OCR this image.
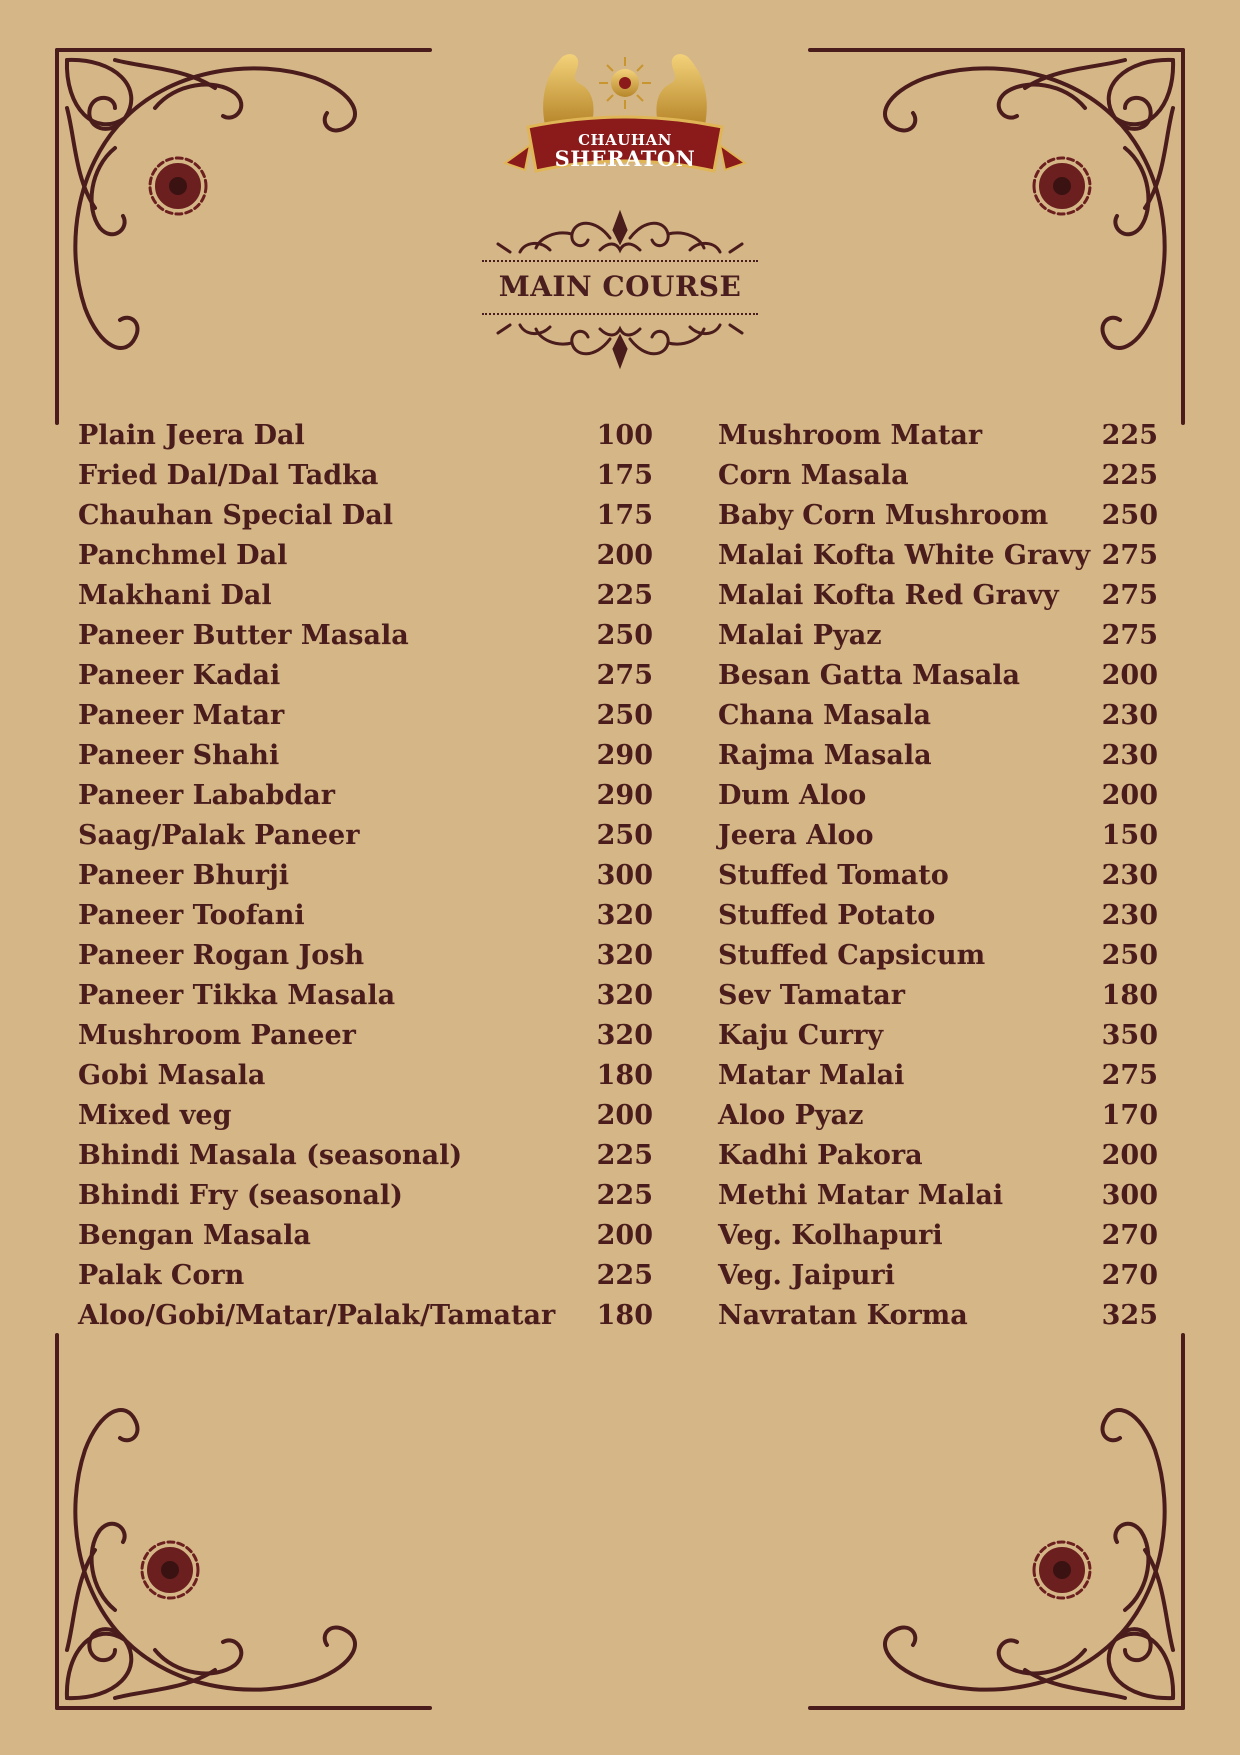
CHAUHAN
SHERATON
MAIN COURSE
Plain Jeera Dal	100
Fried Dal/Dal Tadka	175
Chauhan Special Dal	175
Panchmel Dal	200
Makhani Dal	225
Paneer Butter Masala	250
Paneer Kadai	275
Paneer Matar	250
Paneer Shahi	290
Paneer Lababdar	290
Saag/Palak Paneer	250
Paneer Bhurji	300
Paneer Toofani	320
Paneer Rogan Josh	320
Paneer Tikka Masala	320
Mushroom Paneer	320
Gobi Masala	180
Mixed veg	200
Bhindi Masala (seasonal)	225
Bhindi Fry (seasonal)	225
Bengan Masala	200
Palak Corn	225
Aloo/Gobi/Matar/Palak/Tamatar 180
Mushroom Matar	225
Corn Masala	225
Baby Corn Mushroom 250
Malai Kofta White Gravy 275
Malai Kofta Red Gravy 275
Malai Pyaz	275
Besan Gatta Masala	200
Chana Masala	230
Rajma Masala	230
Dum Aloo	200
Jeera Aloo	150
Stuffed Tomato	230
Stuffed Potato	230
Stuffed Capsicum	250
Sev Tamatar	180
Kaju Curry	350
Matar Malai	275
Aloo Pyaz	170
Kadhi Pakora	200
Methi Matar Malai	300
Veg. Kolhapuri	270
Veg. Jaipuri	270
Navratan Korma	325
